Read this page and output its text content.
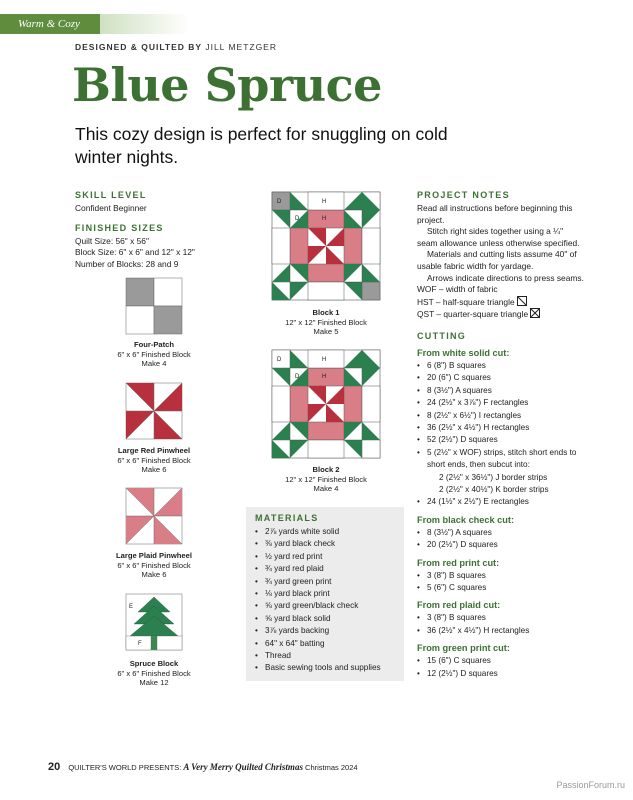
Warm & Cozy
DESIGNED & QUILTED BY JILL METZGER
Blue Spruce
This cozy design is perfect for snuggling on cold winter nights.
SKILL LEVEL
Confident Beginner
FINISHED SIZES
Quilt Size: 56" x 56"
Block Size: 6" x 6" and 12" x 12"
Number of Blocks: 28 and 9
Four-Patch
6" x 6" Finished Block
Make 4
Large Red Pinwheel
6" x 6" Finished Block
Make 6
Large Plaid Pinwheel
6" x 6" Finished Block
Make 6
E
F
Spruce Block
6" x 6" Finished Block
Make 12
D	H
D	H
Block 1
12" x 12" Finished Block
Make 5
D	H
D	H
Block 2
12" x 12" Finished Block
Make 4
MATERIALS
• 2⅞ yards white solid
• ⅜ yard black check
• ½ yard red print
• ¾ yard red plaid
• ¾ yard green print
• ⅛ yard black print
• ⅝ yard green/black check
• ⅝ yard black solid
• 3⅞ yards backing
• 64" x 64" batting
• Thread
• Basic sewing tools and supplies
PROJECT NOTES
Read all instructions before beginning this project.
Stitch right sides together using a ¼" seam allowance unless otherwise specified.
Materials and cutting lists assume 40" of usable fabric width for yardage.
Arrows indicate directions to press seams.
WOF – width of fabric
HST – half-square triangle
QST – quarter-square triangle
CUTTING
From white solid cut:
• 6 (8") B squares
• 20 (6") C squares
• 8 (3½") A squares
• 24 (2½" x 3⅞") F rectangles
• 8 (2½" x 6½") I rectangles
• 36 (2½" x 4½") H rectangles
• 52 (2½") D squares
• 5 (2½" x WOF) strips, stitch short ends to short ends, then subcut into:
2 (2½" x 36½") J border strips
2 (2½" x 40½") K border strips
• 24 (1½" x 2½") E rectangles
From black check cut:
• 8 (3½") A squares
• 20 (2½") D squares
From red print cut:
• 3 (8") B squares
• 5 (6") C squares
From red plaid cut:
• 3 (8") B squares
• 36 (2½" x 4½") H rectangles
From green print cut:
• 15 (6") C squares
• 12 (2½") D squares
20 QUILTER'S WORLD PRESENTS: A Very Merry Quilted Christmas Christmas 2024
PassionForum.ru
